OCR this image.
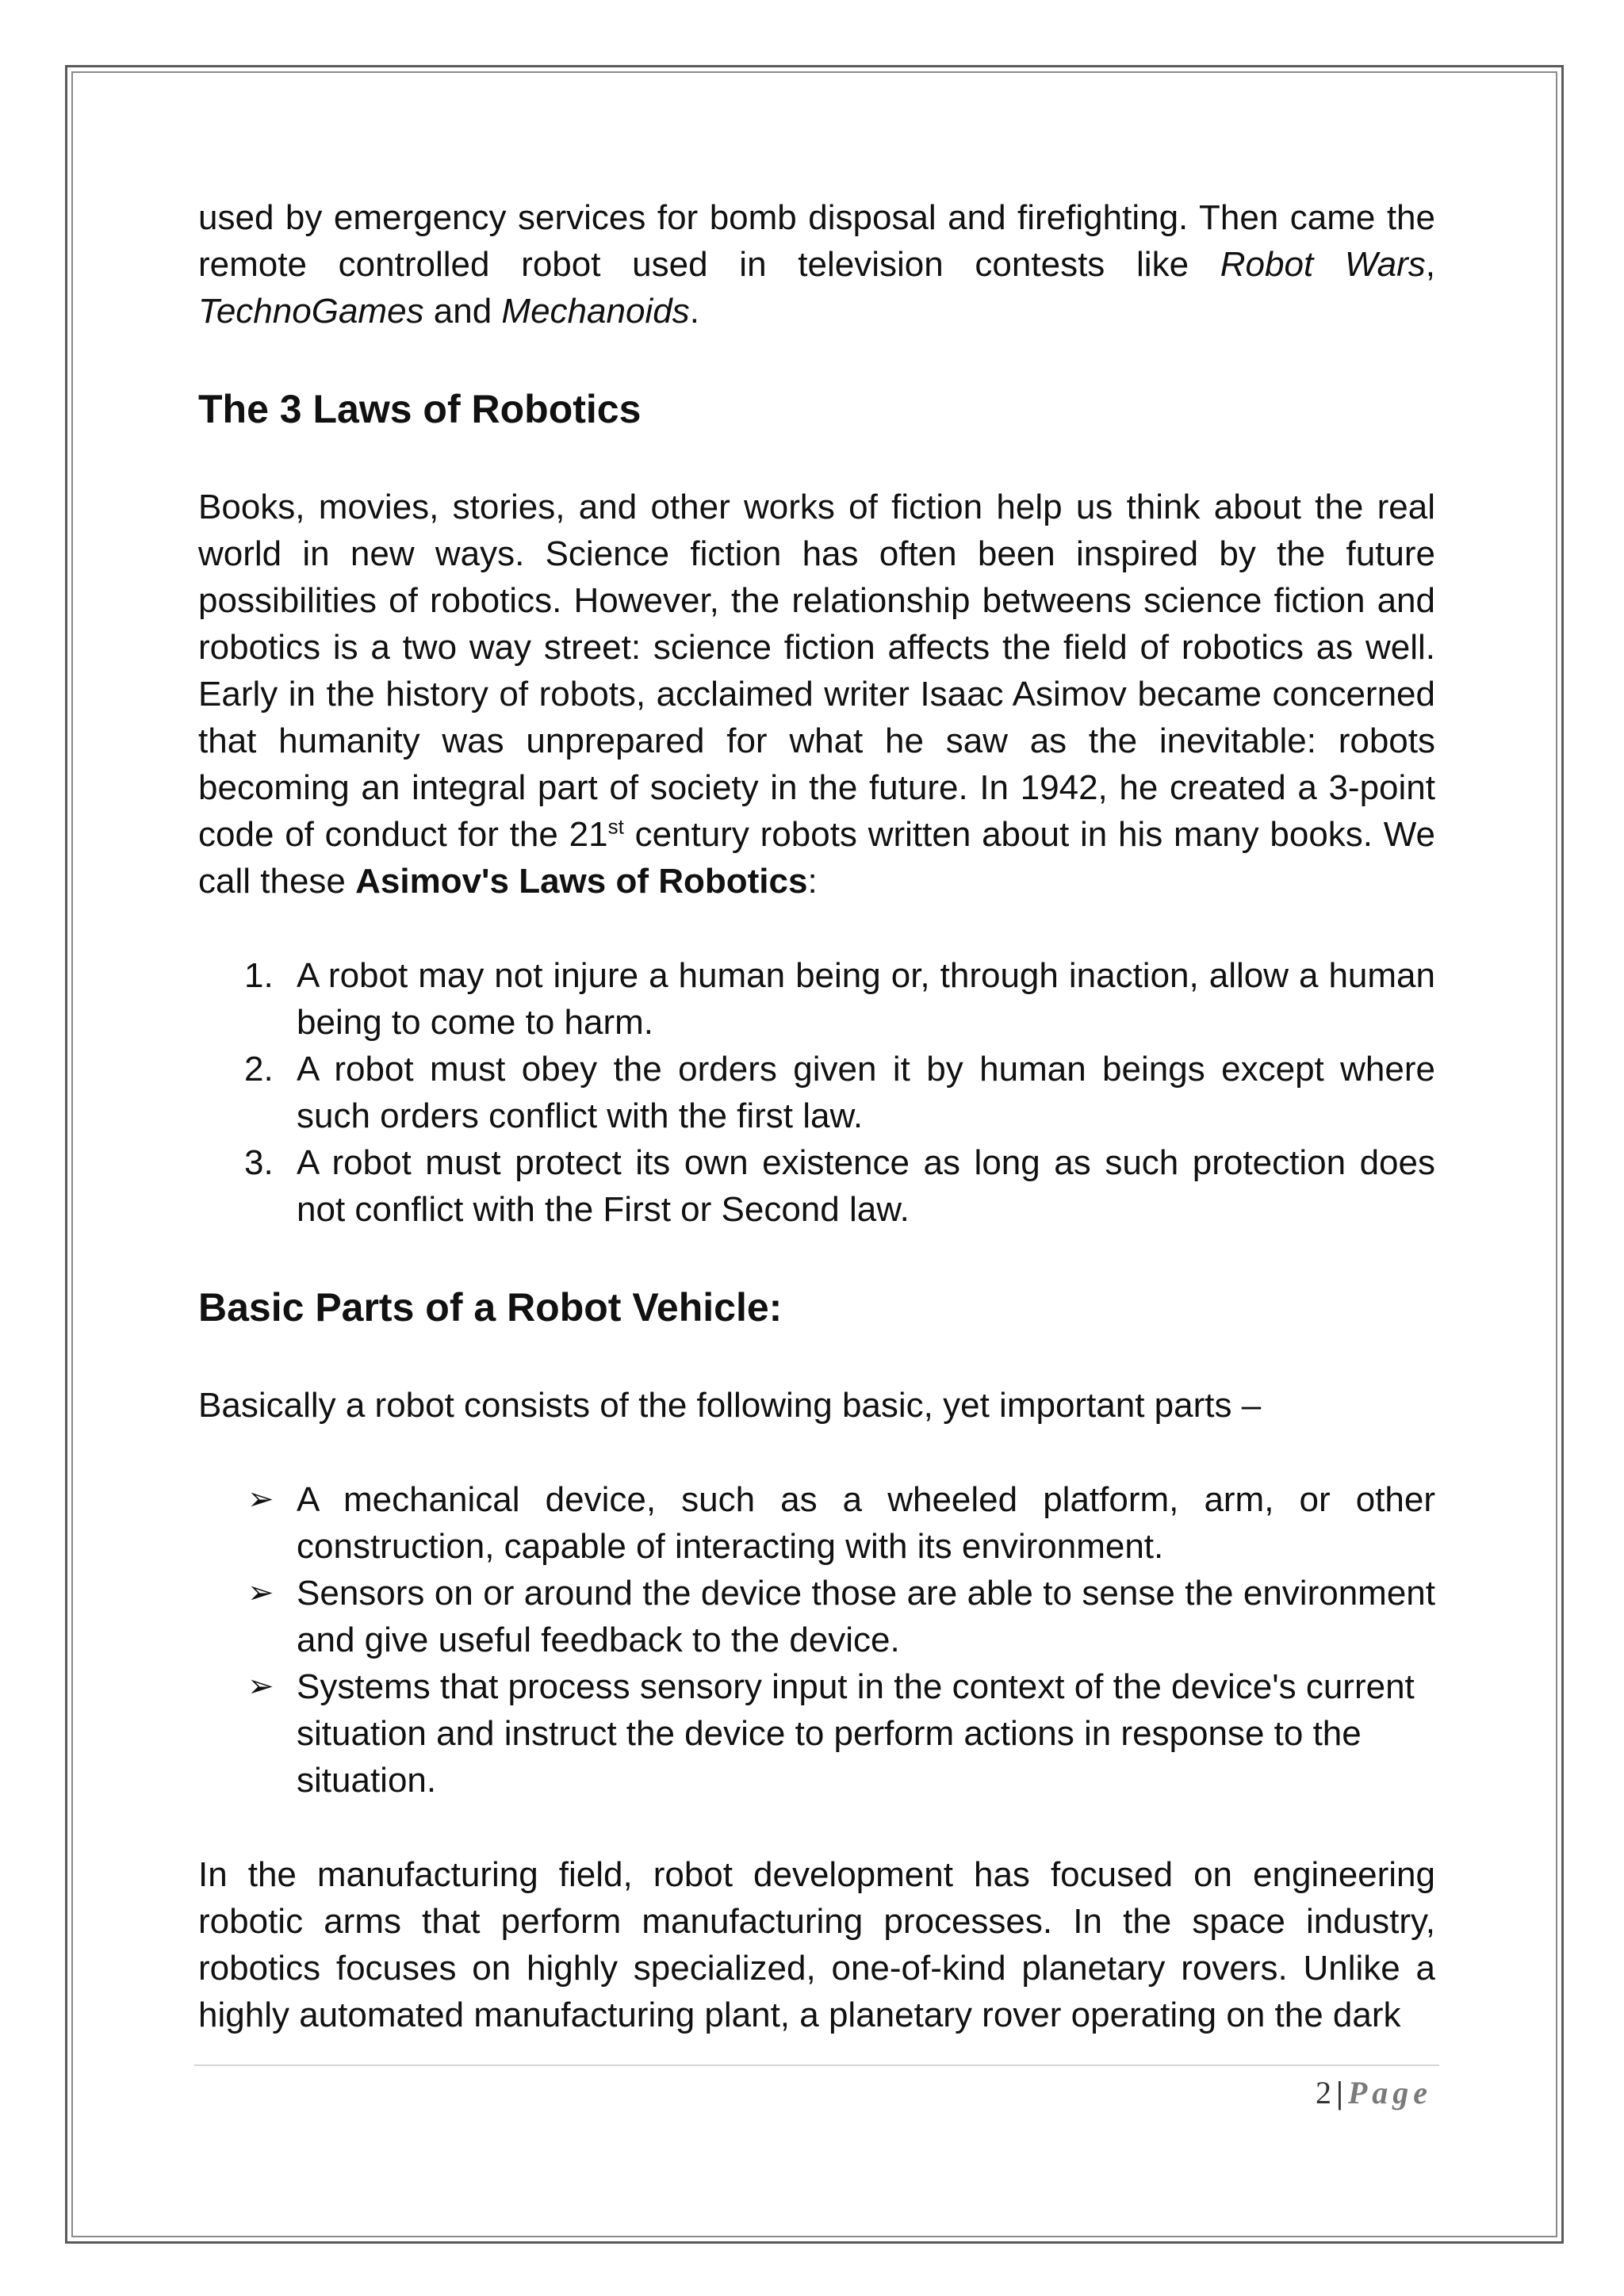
used by emergency services for bomb disposal and firefighting. Then came the remote controlled robot used in television contests like Robot Wars, TechnoGames and Mechanoids.

The 3 Laws of Robotics

Books, movies, stories, and other works of fiction help us think about the real world in new ways. Science fiction has often been inspired by the future possibilities of robotics. However, the relationship betweens science fiction and robotics is a two way street: science fiction affects the field of robotics as well. Early in the history of robots, acclaimed writer Isaac Asimov became concerned that humanity was unprepared for what he saw as the inevitable: robots becoming an integral part of society in the future. In 1942, he created a 3-point code of conduct for the 21st century robots written about in his many books. We call these Asimov's Laws of Robotics:

1. A robot may not injure a human being or, through inaction, allow a human being to come to harm.
2. A robot must obey the orders given it by human beings except where such orders conflict with the first law.
3. A robot must protect its own existence as long as such protection does not conflict with the First or Second law.
Basic Parts of a Robot Vehicle:

Basically a robot consists of the following basic, yet important parts –

➢ A mechanical device, such as a wheeled platform, arm, or other construction, capable of interacting with its environment.
➢ Sensors on or around the device those are able to sense the environment and give useful feedback to the device.
➢ Systems that process sensory input in the context of the device's current situation and instruct the device to perform actions in response to the situation.

In the manufacturing field, robot development has focused on engineering robotic arms that perform manufacturing processes. In the space industry, robotics focuses on highly specialized, one-of-kind planetary rovers. Unlike a highly automated manufacturing plant, a planetary rover operating on the dark

2 | Page
